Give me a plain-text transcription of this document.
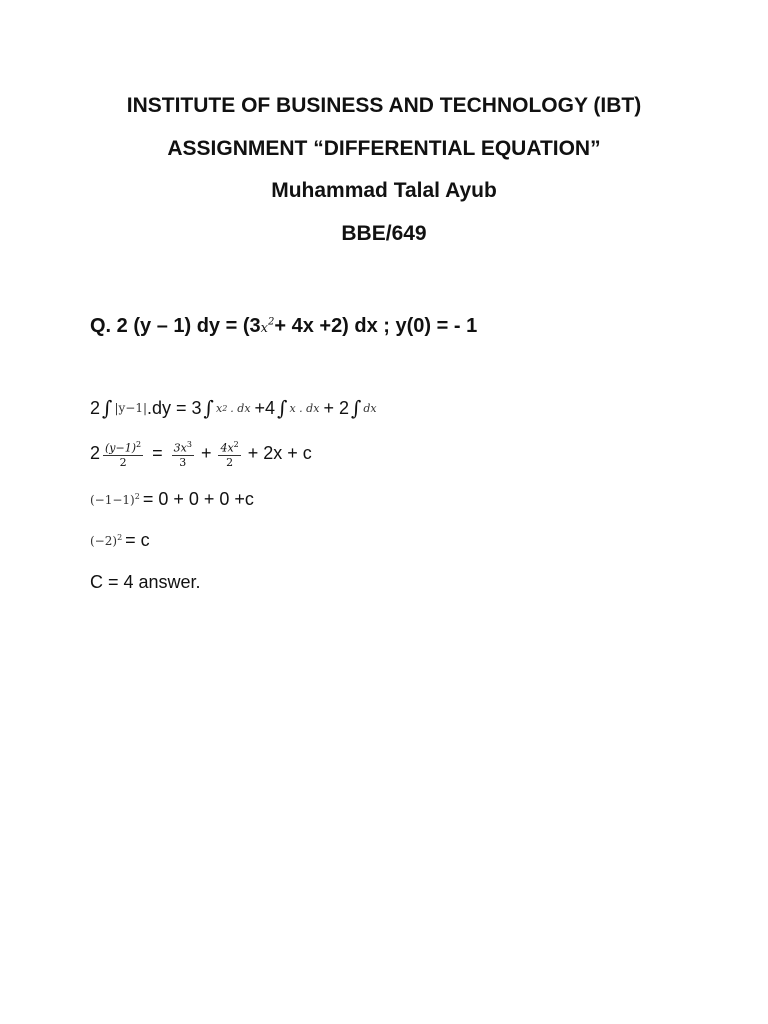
INSTITUTE OF BUSINESS AND TECHNOLOGY (IBT)
ASSIGNMENT “DIFFERENTIAL EQUATION”
Muhammad Talal Ayub
BBE/649
Q. 2 (y – 1) dy = $(3x^2+ 4x +2)$ dx ; y(0) = - 1
2 ∫ |y−1| .dy = 3 ∫ x 2 . dx +4 ∫ x . dx + 2 ∫ dx
$2 \frac{(y-1)^2}{2} = \frac{3x^3}{3} + \frac{4x^2}{2} + 2x + c$
$(-1-1)^2 = 0 + 0 + 0 +c$
$(-2)^2 = c$
C = 4 answer.
